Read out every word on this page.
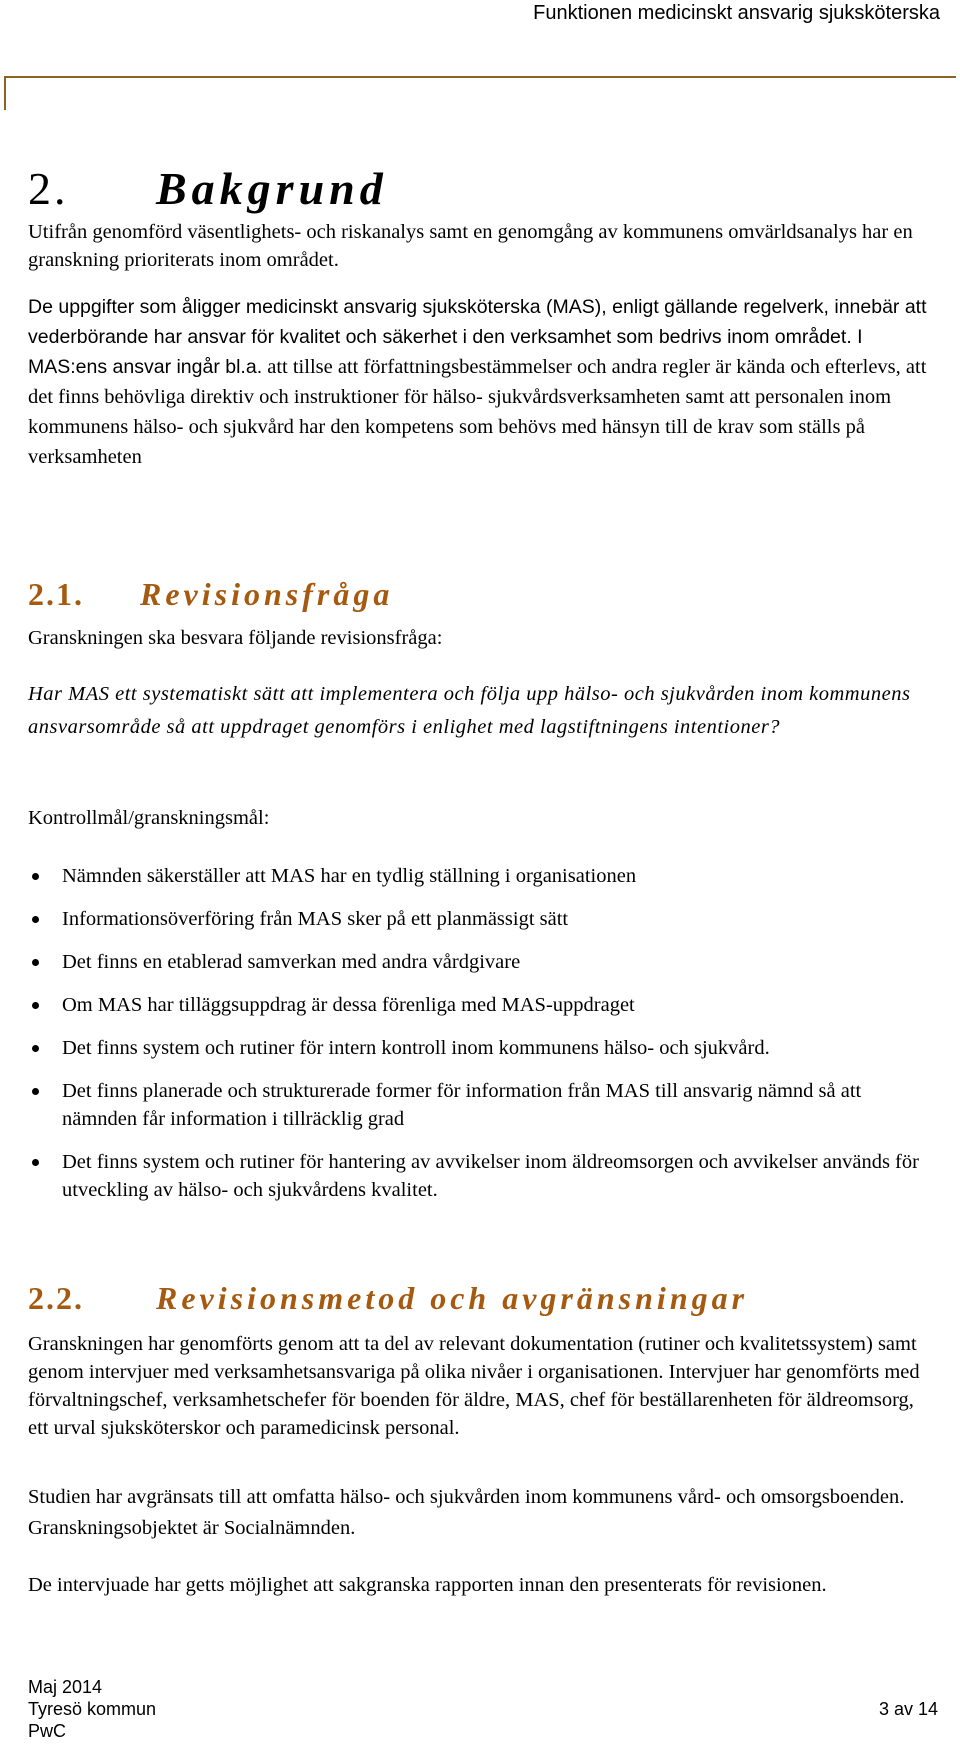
Funktionen medicinskt ansvarig sjuksköterska
2. Bakgrund

Utifrån genomförd väsentlighets- och riskanalys samt en genomgång av kommunens omvärldsanalys har en granskning prioriterats inom området.

De uppgifter som åligger medicinskt ansvarig sjuksköterska (MAS), enligt gällande regelverk, innebär att vederbörande har ansvar för kvalitet och säkerhet i den verksamhet som bedrivs inom området. I MAS:ens ansvar ingår bl.a. att tillse att författningsbestämmelser och andra regler är kända och efterlevs, att det finns behövliga direktiv och instruktioner för hälso- sjukvårdsverksamheten samt att personalen inom kommunens hälso- och sjukvård har den kompetens som behövs med hänsyn till de krav som ställs på verksamheten

2.1. Revisionsfråga

Granskningen ska besvara följande revisionsfråga:

Har MAS ett systematiskt sätt att implementera och följa upp hälso- och sjukvården inom kommunens ansvarsområde så att uppdraget genomförs i enlighet med lagstiftningens intentioner?

Kontrollmål/granskningsmål:

Nämnden säkerställer att MAS har en tydlig ställning i organisationen
Informationsöverföring från MAS sker på ett planmässigt sätt
Det finns en etablerad samverkan med andra vårdgivare
Om MAS har tilläggsuppdrag är dessa förenliga med MAS-uppdraget
Det finns system och rutiner för intern kontroll inom kommunens hälso- och sjukvård.
Det finns planerade och strukturerade former för information från MAS till ansvarig nämnd så att nämnden får information i tillräcklig grad
Det finns system och rutiner för hantering av avvikelser inom äldreomsorgen och avvikelser används för utveckling av hälso- och sjukvårdens kvalitet.
2.2. Revisionsmetod och avgränsningar

Granskningen har genomförts genom att ta del av relevant dokumentation (rutiner och kvalitetssystem) samt genom intervjuer med verksamhetsansvariga på olika nivåer i organisationen. Intervjuer har genomförts med förvaltningschef, verksamhetschefer för boenden för äldre, MAS, chef för beställarenheten för äldreomsorg, ett urval sjuksköterskor och paramedicinsk personal.

Studien har avgränsats till att omfatta hälso- och sjukvården inom kommunens vård- och omsorgsboenden. Granskningsobjektet är Socialnämnden.

De intervjuade har getts möjlighet att sakgranska rapporten innan den presenterats för revisionen.

Maj 2014
Tyresö kommun
PwC
3 av 14
